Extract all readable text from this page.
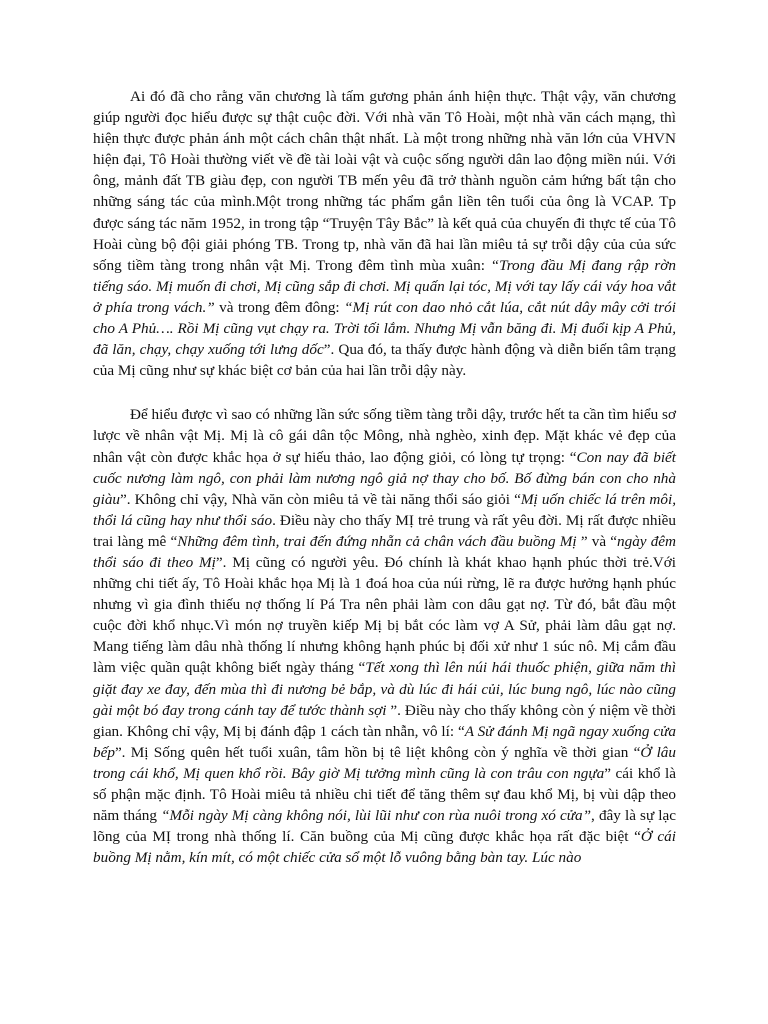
Ai đó đã cho rằng văn chương là tấm gương phản ánh hiện thực. Thật vậy, văn chương giúp người đọc hiểu được sự thật cuộc đời. Với nhà văn Tô Hoài, một nhà văn cách mạng, thì hiện thực được phản ánh một cách chân thật nhất. Là một trong những nhà văn lớn của VHVN hiện đại, Tô Hoài thường viết về đề tài loài vật và cuộc sống người dân lao động miền núi. Với ông, mảnh đất TB giàu đẹp, con người TB mến yêu đã trở thành nguồn cảm hứng bất tận cho những sáng tác của mình.Một trong những tác phẩm gắn liền tên tuổi của ông là VCAP. Tp được sáng tác năm 1952, in trong tập “Truyện Tây Bắc” là kết quả của chuyến đi thực tế của Tô Hoài cùng bộ đội giải phóng TB. Trong tp, nhà văn đã hai lần miêu tả sự trỗi dậy của của sức sống tiềm tàng trong nhân vật Mị. Trong đêm tình mùa xuân: “Trong đầu Mị đang rập rờn tiếng sáo. Mị muốn đi chơi, Mị cũng sắp đi chơi. Mị quấn lại tóc, Mị với tay lấy cái váy hoa vắt ở phía trong vách.” và trong đêm đông: “Mị rút con dao nhỏ cắt lúa, cắt nút dây mây cởi trói cho A Phủ…. Rồi Mị cũng vụt chạy ra. Trời tối lắm. Nhưng Mị vẫn băng đi. Mị đuổi kịp A Phủ, đã lăn, chạy, chạy xuống tới lưng dốc”. Qua đó, ta thấy được hành động và diễn biến tâm trạng của Mị cũng như sự khác biệt cơ bản của hai lần trỗi dậy này.

Để hiểu được vì sao có những lần sức sống tiềm tàng trỗi dậy, trước hết ta cần tìm hiểu sơ lược về nhân vật Mị. Mị là cô gái dân tộc Mông, nhà nghèo, xinh đẹp. Mặt khác vẻ đẹp của nhân vật còn được khắc họa ở sự hiếu thảo, lao động giỏi, có lòng tự trọng: “Con nay đã biết cuốc nương làm ngô, con phải làm nương ngô giả nợ thay cho bố. Bố đừng bán con cho nhà giàu”. Không chỉ vậy, Nhà văn còn miêu tả về tài năng thổi sáo giỏi “Mị uốn chiếc lá trên môi, thổi lá cũng hay như thổi sáo. Điều này cho thấy MỊ trẻ trung và rất yêu đời. Mị rất được nhiều trai làng mê “Những đêm tình, trai đến đứng nhẵn cả chân vách đầu buồng Mị ” và “ngày đêm thổi sáo đi theo Mị”. Mị cũng có người yêu. Đó chính là khát khao hạnh phúc thời trẻ.Với những chi tiết ấy, Tô Hoài khắc họa Mị là 1 đoá hoa của núi rừng, lẽ ra được hưởng hạnh phúc nhưng vì gia đình thiếu nợ thống lí Pá Tra nên phải làm con dâu gạt nợ. Từ đó, bắt đầu một cuộc đời khổ nhục.Vì món nợ truyền kiếp Mị bị bắt cóc làm vợ A Sử, phải làm dâu gạt nợ. Mang tiếng làm dâu nhà thống lí nhưng không hạnh phúc bị đối xử như 1 súc nô. Mị cắm đầu làm việc quần quật không biết ngày tháng “Tết xong thì lên núi hái thuốc phiện, giữa năm thì giặt đay xe đay, đến mùa thì đi nương bẻ bắp, và dù lúc đi hái củi, lúc bung ngô, lúc nào cũng gài một bó đay trong cánh tay để tước thành sợi ”. Điều này cho thấy không còn ý niệm về thời gian. Không chỉ vậy, Mị bị đánh đập 1 cách tàn nhẫn, vô lí: “A Sử đánh Mị ngã ngay xuống cửa bếp”. Mị Sống quên hết tuổi xuân, tâm hồn bị tê liệt không còn ý nghĩa về thời gian “Ở lâu trong cái khổ, Mị quen khổ rồi. Bây giờ Mị tưởng mình cũng là con trâu con ngựa” cái khổ là số phận mặc định. Tô Hoài miêu tả nhiều chi tiết để tăng thêm sự đau khổ Mị, bị vùi dập theo năm tháng “Mỗi ngày Mị càng không nói, lùi lũi như con rùa nuôi trong xó cửa”, đây là sự lạc lõng của MỊ trong nhà thống lí. Căn buồng của Mị cũng được khắc họa rất đặc biệt “Ở cái buồng Mị nằm, kín mít, có một chiếc cửa sổ một lỗ vuông bằng bàn tay. Lúc nào
